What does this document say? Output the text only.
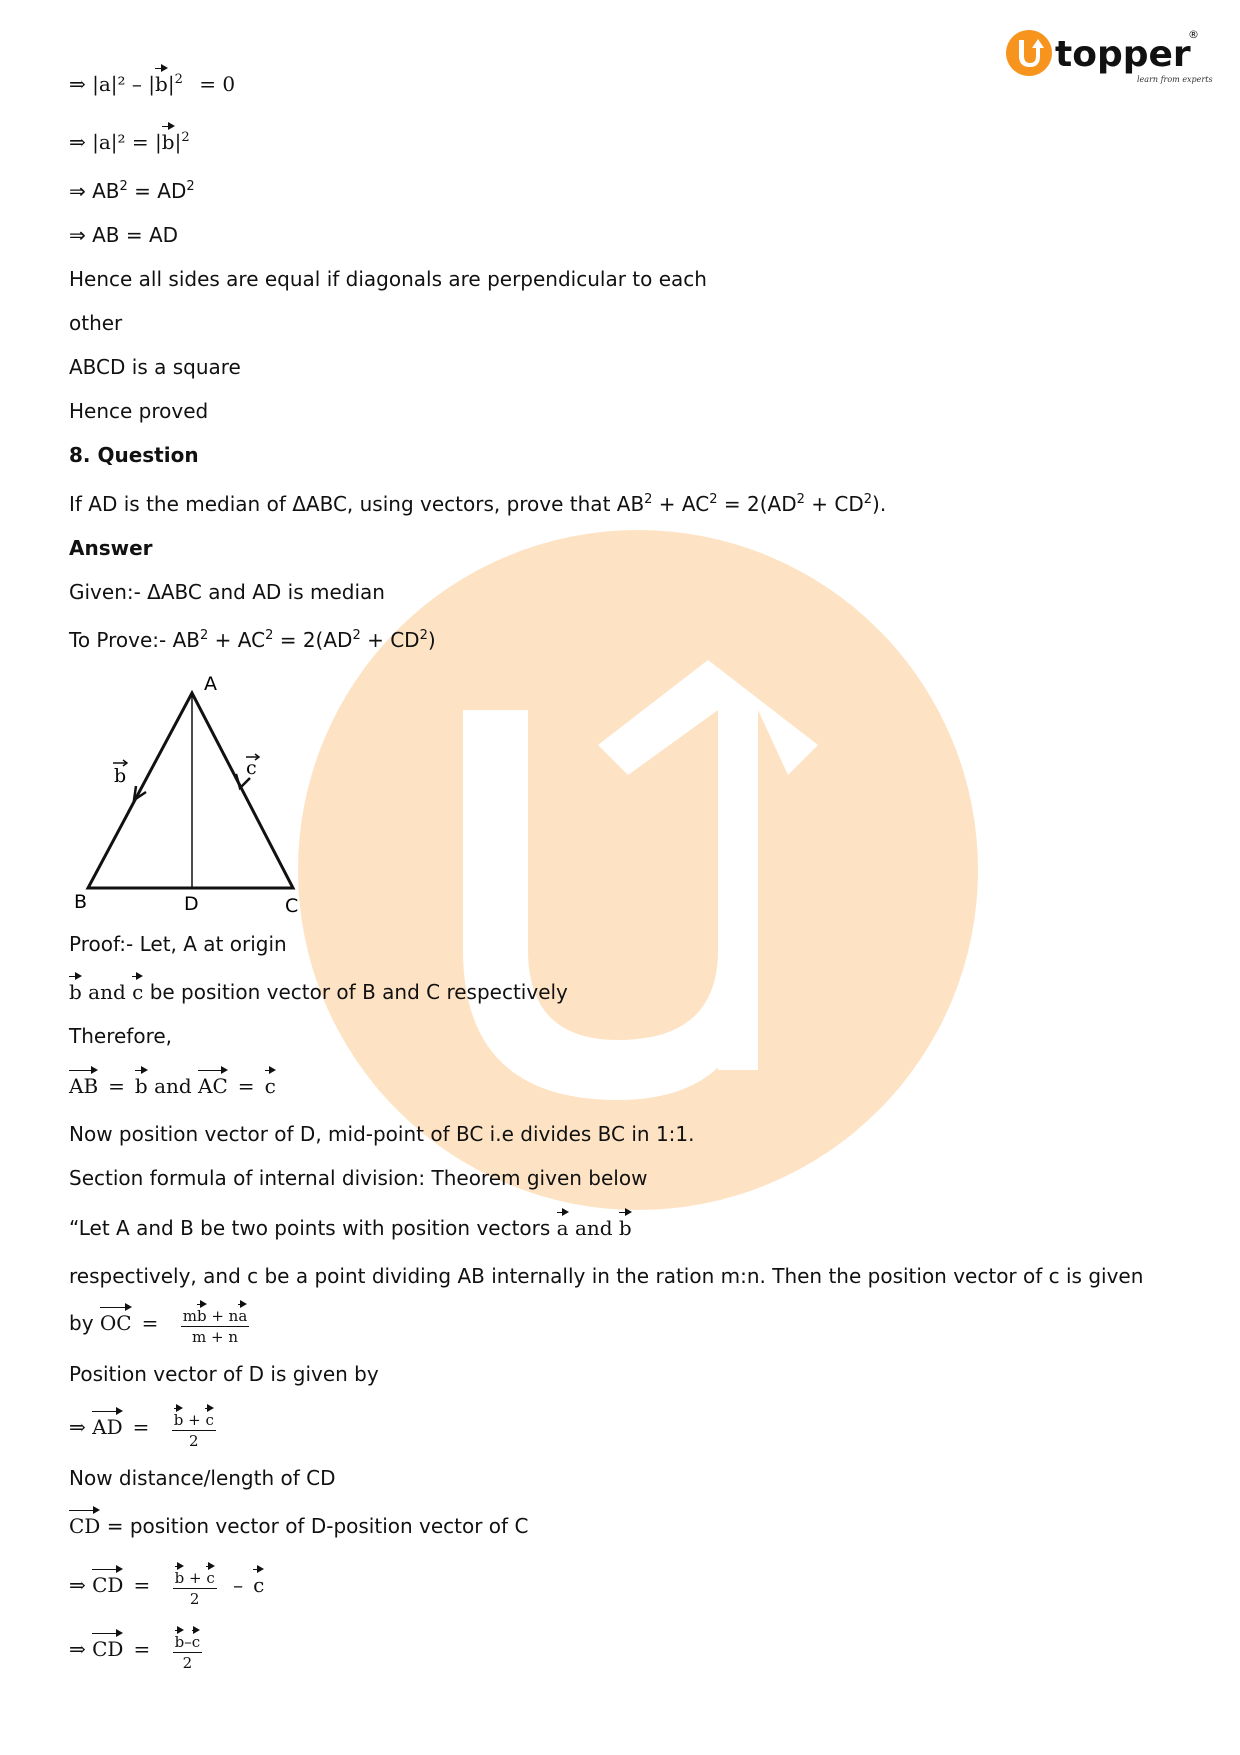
topper
®
learn from experts
⇒ $|a|^2 - |b|^2 = 0$
⇒ $|a|^2 = |b|^2$
⇒ $AB^2 = AD^2$
⇒ AB = AD
Hence all sides are equal if diagonals are perpendicular to each
other
ABCD is a square
Hence proved
8. Question
If AD is the median of ΔABC, using vectors, prove that $AB^2 + AC^2 = 2(AD^2 + CD^2)$.
Answer
Given:- ΔABC and AD is median
To Prove:- $AB^2 + AC^2 = 2(AD^2 + CD^2)$
Proof:- Let, A at origin
b and c be position vector of B and C respectively
Therefore,
AB = b and AC = c
Now position vector of D, mid-point of BC i.e divides BC in 1:1.
Section formula of internal division: Theorem given below
“Let A and B be two points with position vectors a and b
respectively, and c be a point dividing AB internally in the ration m:n. Then the position vector of c is given
by OC = $\frac{mb + na}{m + n}$
Position vector of D is given by
⇒ AD = $\frac{b + c}{2}$
Now distance/length of CD
CD = position vector of D-position vector of C
⇒ CD = $\frac{b + c}{2}$ – c
⇒ CD = $\frac{b-c}{2}$
A
B	D	C
b	c
